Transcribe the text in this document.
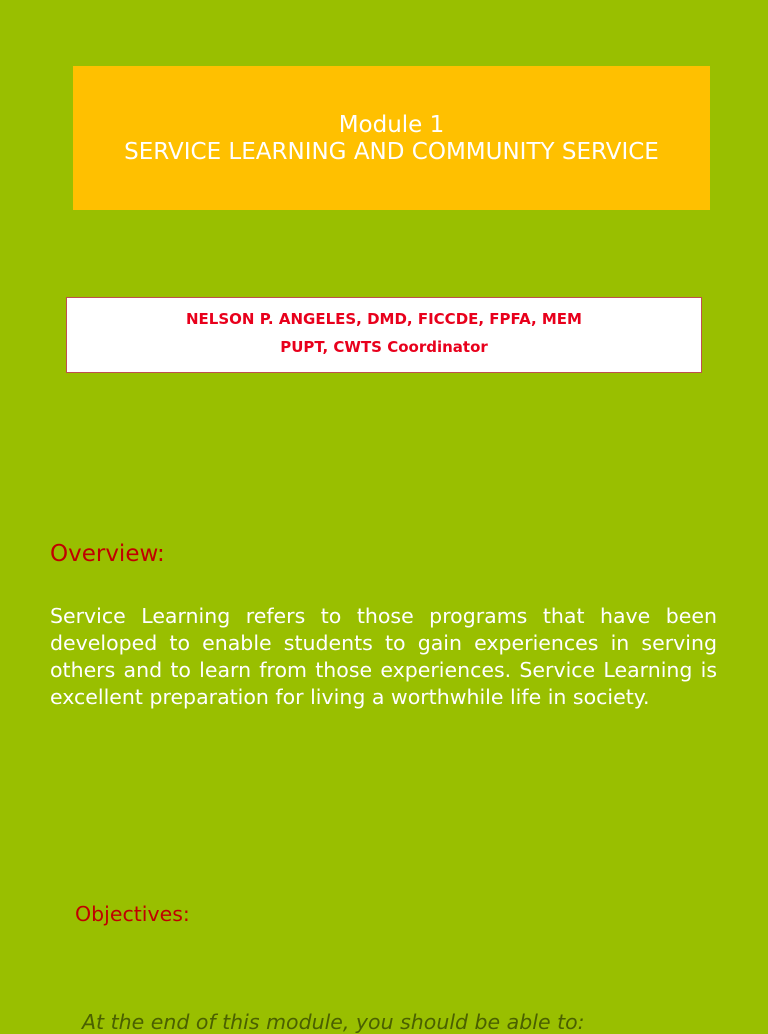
Module 1
SERVICE LEARNING AND COMMUNITY SERVICE
NELSON P. ANGELES, DMD, FICCDE, FPFA, MEM
PUPT, CWTS Coordinator
Overview:

Service Learning refers to those programs that have been developed to enable students to gain experiences in serving others and to learn from those experiences. Service Learning is excellent preparation for living a worthwhile life in society.

Objectives:

At the end of this module, you should be able to:
